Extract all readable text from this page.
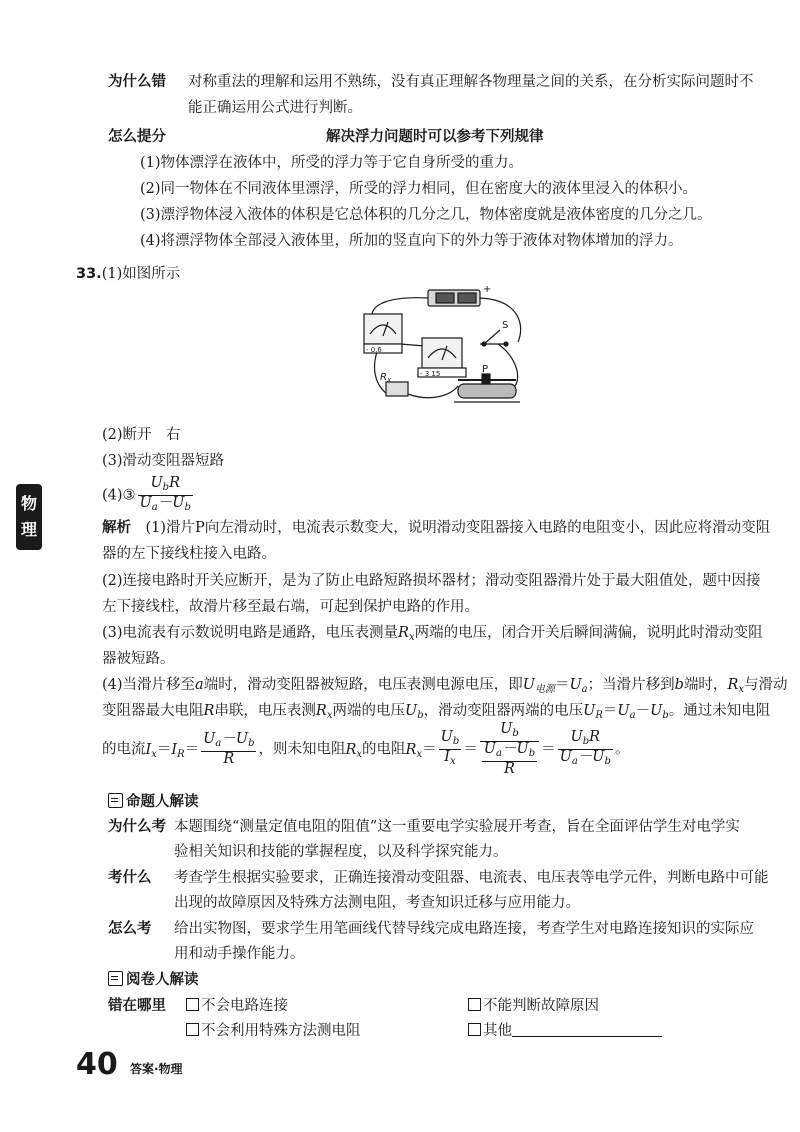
为什么错 对称重法的理解和运用不熟练，没有真正理解各物理量之间的关系，在分析实际问题时不
能正确运用公式进行判断。
怎么提分	解决浮力问题时可以参考下列规律
(1)物体漂浮在液体中，所受的浮力等于它自身所受的重力。
(2)同一物体在不同液体里漂浮，所受的浮力相同，但在密度大的液体里浸入的体积小。
(3)漂浮物体浸入液体的体积是它总体积的几分之几，物体密度就是液体密度的几分之几。
(4)将漂浮物体全部浸入液体里，所加的竖直向下的外力等于液体对物体增加的浮力。
33.(1)如图所示
+
S
- 0.6
- 3 15
$R_x$
P
(2)断开　右
(3)滑动变阻器短路
(4)③ $\frac{U_bR}{U_a-U_b}$
物
理	解析　 (1)滑片P向左滑动时，电流表示数变大，说明滑动变阻器接入电路的电阻变小，因此应将滑动变阻
器的左下接线柱接入电路。
(2)连接电路时开关应断开，是为了防止电路短路损坏器材；滑动变阻器滑片处于最大阻值处，题中因接
左下接线柱，故滑片移至最右端，可起到保护电路的作用。
(3)电流表有示数说明电路是通路，电压表测量$R_x$两端的电压，闭合开关后瞬间满偏，说明此时滑动变阻
器被短路。
(4)当滑片移至a端时，滑动变阻器被短路，电压表测电源电压，即$U_{电源}=U_a$；当滑片移到b端时，$R_x$与滑动
变阻器最大电阻R串联，电压表测$R_x$两端的电压$U_b$，滑动变阻器两端的电压$U_R=U_a-U_b$。通过未知电阻
的电流$I_x=I_R= \frac{U_a-U_b}{R}$ ，则未知电阻$R_x$的电阻$R_x= \frac{U_b}{I_x} = \frac{U_b}{\frac{U_a-U_b}{R}} = \frac{U_bR}{U_a-U_b}$ 。
命题人解读
为什么考 本题围绕“测量定值电阻的阻值”这一重要电学实验展开考查，旨在全面评估学生对电学实
验相关知识和技能的掌握程度，以及科学探究能力。
考什么 考查学生根据实验要求，正确连接滑动变阻器、电流表、电压表等电学元件，判断电路中可能
出现的故障原因及特殊方法测电阻，考查知识迁移与应用能力。
怎么考 给出实物图，要求学生用笔画线代替导线完成电路连接，考查学生对电路连接知识的实际应
用和动手操作能力。
阅卷人解读
错在哪里	不会电路连接	不能判断故障原因
不会利用特殊方法测电阻	其他
40 答案·物理
